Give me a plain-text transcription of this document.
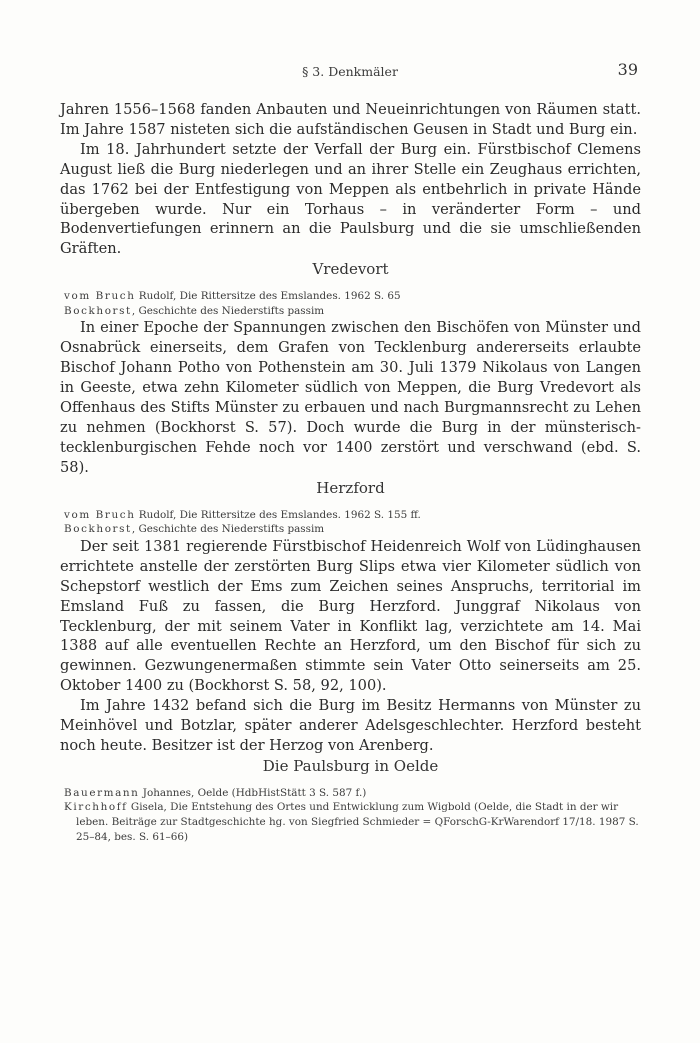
§ 3. Denkmäler	39

Jahren 1556–1568 fanden Anbauten und Neueinrichtungen von Räumen statt. Im Jahre 1587 nisteten sich die aufständischen Geusen in Stadt und Burg ein.

Im 18. Jahrhundert setzte der Verfall der Burg ein. Fürstbischof Clemens August ließ die Burg niederlegen und an ihrer Stelle ein Zeughaus errichten, das 1762 bei der Entfestigung von Meppen als entbehrlich in private Hände übergeben wurde. Nur ein Torhaus – in veränderter Form – und Bodenvertiefungen erinnern an die Paulsburg und die sie umschließenden Gräften.

Vredevort
vom Bruch Rudolf, Die Rittersitze des Emslandes. 1962 S. 65
Bockhorst, Geschichte des Niederstifts passim

In einer Epoche der Spannungen zwischen den Bischöfen von Münster und Osnabrück einerseits, dem Grafen von Tecklenburg andererseits erlaubte Bischof Johann Potho von Pothenstein am 30. Juli 1379 Nikolaus von Langen in Geeste, etwa zehn Kilometer südlich von Meppen, die Burg Vredevort als Offenhaus des Stifts Münster zu erbauen und nach Burgmannsrecht zu Lehen zu nehmen (Bockhorst S. 57). Doch wurde die Burg in der münsterisch-tecklenburgischen Fehde noch vor 1400 zerstört und verschwand (ebd. S. 58).

Herzford
vom Bruch Rudolf, Die Rittersitze des Emslandes. 1962 S. 155 ff.
Bockhorst, Geschichte des Niederstifts passim

Der seit 1381 regierende Fürstbischof Heidenreich Wolf von Lüdinghausen errichtete anstelle der zerstörten Burg Slips etwa vier Kilometer südlich von Schepstorf westlich der Ems zum Zeichen seines Anspruchs, territorial im Emsland Fuß zu fassen, die Burg Herzford. Junggraf Nikolaus von Tecklenburg, der mit seinem Vater in Konflikt lag, verzichtete am 14. Mai 1388 auf alle eventuellen Rechte an Herzford, um den Bischof für sich zu gewinnen. Gezwungenermaßen stimmte sein Vater Otto seinerseits am 25. Oktober 1400 zu (Bockhorst S. 58, 92, 100).

Im Jahre 1432 befand sich die Burg im Besitz Hermanns von Münster zu Meinhövel und Botzlar, später anderer Adelsgeschlechter. Herzford besteht noch heute. Besitzer ist der Herzog von Arenberg.

Die Paulsburg in Oelde
Bauermann Johannes, Oelde (HdbHistStätt 3 S. 587 f.)
Kirchhoff Gisela, Die Entstehung des Ortes und Entwicklung zum Wigbold (Oelde, die Stadt in der wir leben. Beiträge zur Stadtgeschichte hg. von Siegfried Schmieder = QForschG-KrWarendorf 17/18. 1987 S. 25–84, bes. S. 61–66)
